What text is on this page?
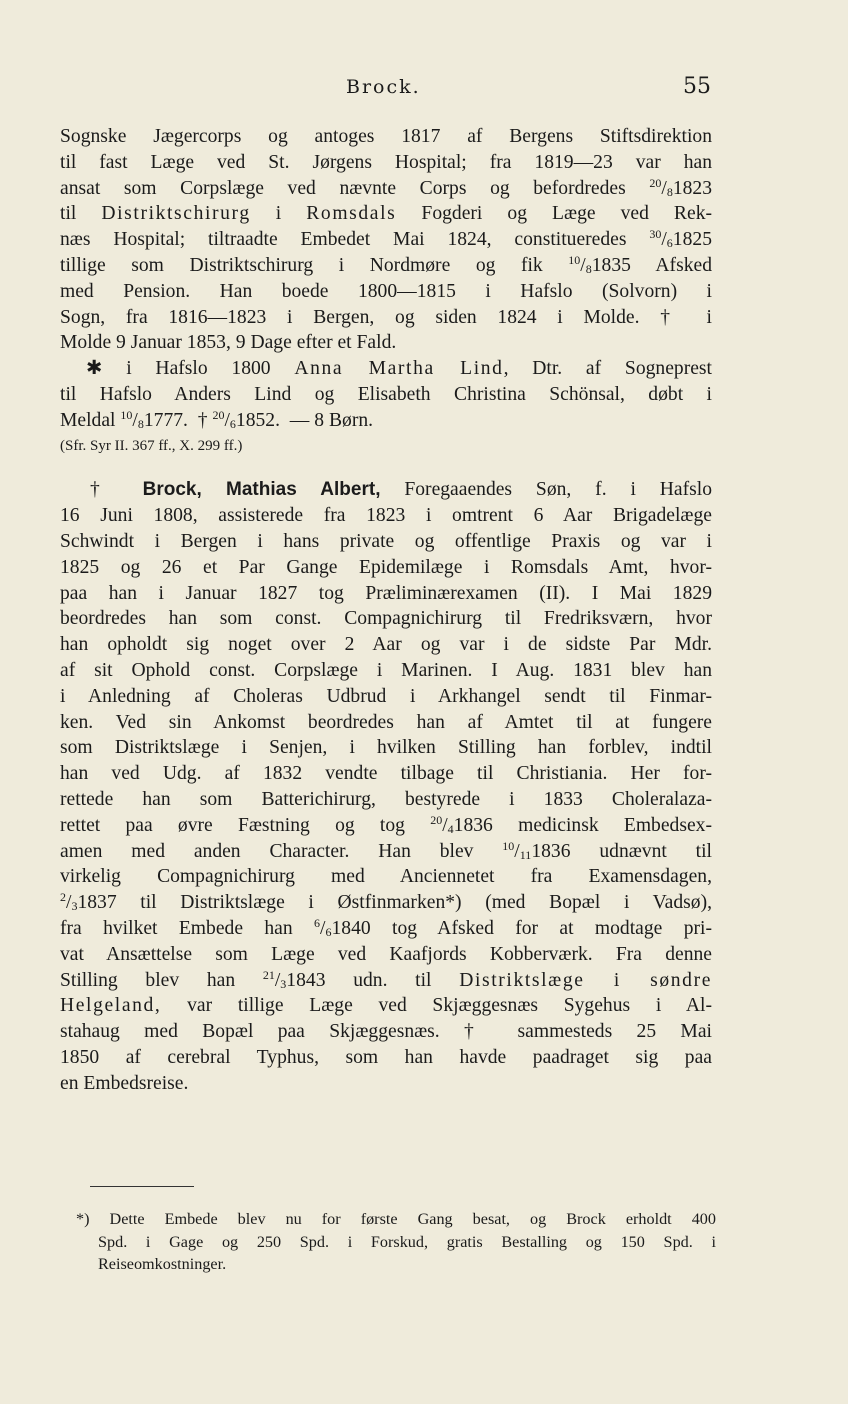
Brock.	55
Sognske Jægercorps og antoges 1817 af Bergens Stiftsdirektion
til fast Læge ved St. Jørgens Hospital; fra 1819—23 var han
ansat som Corpslæge ved nævnte Corps og befordredes $^{20}/_81823$
til Distriktschirurg i Romsdals Fogderi og Læge ved Rek-
næs Hospital; tiltraadte Embedet Mai 1824, constitueredes $^{30}/_61825$
tillige som Distriktschirurg i Nordmøre og fik $^{10}/_81835$ Afsked
med Pension. Han boede 1800—1815 i Hafslo (Solvorn) i
Sogn, fra 1816—1823 i Bergen, og siden 1824 i Molde. † i
Molde 9 Januar 1853, 9 Dage efter et Fald.
✱ i Hafslo 1800 Anna Martha Lind, Dtr. af Sogneprest
til Hafslo Anders Lind og Elisabeth Christina Schönsal, døbt i
Meldal $^{10}/_81777$. † $^{20}/_61852$. — 8 Børn.
(Sfr. Syr II. 367 ff., X. 299 ff.)
† Brock, Mathias Albert, Foregaaendes Søn, f. i Hafslo
16 Juni 1808, assisterede fra 1823 i omtrent 6 Aar Brigadelæge
Schwindt i Bergen i hans private og offentlige Praxis og var i
1825 og 26 et Par Gange Epidemilæge i Romsdals Amt, hvor-
paa han i Januar 1827 tog Præliminærexamen (II). I Mai 1829
beordredes han som const. Compagnichirurg til Fredriksværn, hvor
han opholdt sig noget over 2 Aar og var i de sidste Par Mdr.
af sit Ophold const. Corpslæge i Marinen. I Aug. 1831 blev han
i Anledning af Choleras Udbrud i Arkhangel sendt til Finmar-
ken. Ved sin Ankomst beordredes han af Amtet til at fungere
som Distriktslæge i Senjen, i hvilken Stilling han forblev, indtil
han ved Udg. af 1832 vendte tilbage til Christiania. Her for-
rettede han som Batterichirurg, bestyrede i 1833 Choleralaza-
rettet paa øvre Fæstning og tog $^{20}/_41836$ medicinsk Embedsex-
amen med anden Character. Han blev $^{10}/_{11}1836$ udnævnt til
virkelig Compagnichirurg med Anciennetet fra Examensdagen,
$^2/_31837$ til Distriktslæge i Østfinmarken*) (med Bopæl i Vadsø),
fra hvilket Embede han $^6/_61840$ tog Afsked for at modtage pri-
vat Ansættelse som Læge ved Kaafjords Kobberværk. Fra denne
Stilling blev han $^{21}/_31843$ udn. til Distriktslæge i søndre
Helgeland, var tillige Læge ved Skjæggesnæs Sygehus i Al-
stahaug med Bopæl paa Skjæggesnæs. † sammesteds 25 Mai
1850 af cerebral Typhus, som han havde paadraget sig paa
en Embedsreise.
*) Dette Embede blev nu for første Gang besat, og Brock erholdt 400
Spd. i Gage og 250 Spd. i Forskud, gratis Bestalling og 150 Spd. i
Reiseomkostninger.
